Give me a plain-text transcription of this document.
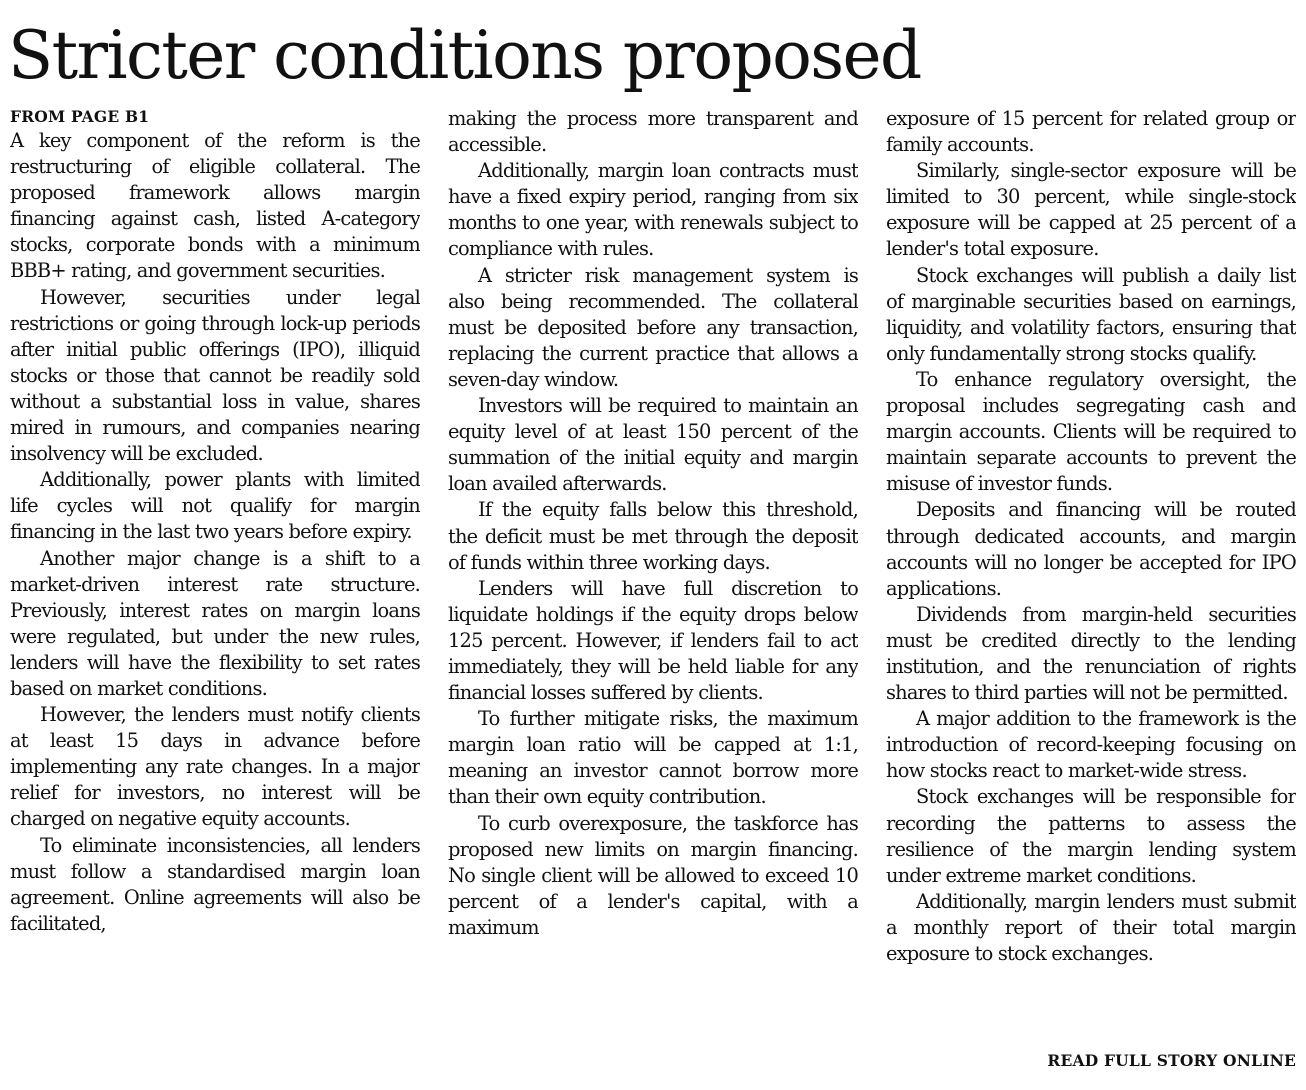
Stricter conditions proposed

FROM PAGE B1

A key component of the reform is the restructuring of eligible collateral. The proposed framework allows margin financing against cash, listed A-category stocks, corporate bonds with a minimum BBB+ rating, and government securities.

However, securities under legal restrictions or going through lock-up periods after initial public offerings (IPO), illiquid stocks or those that cannot be readily sold without a substantial loss in value, shares mired in rumours, and companies nearing insolvency will be excluded.

Additionally, power plants with limited life cycles will not qualify for margin financing in the last two years before expiry.

Another major change is a shift to a market-driven interest rate structure. Previously, interest rates on margin loans were regulated, but under the new rules, lenders will have the flexibility to set rates based on market conditions.

However, the lenders must notify clients at least 15 days in advance before implementing any rate changes. In a major relief for investors, no interest will be charged on negative equity accounts.

To eliminate inconsistencies, all lenders must follow a standardised margin loan agreement. Online agreements will also be facilitated,

making the process more transparent and accessible.

Additionally, margin loan contracts must have a fixed expiry period, ranging from six months to one year, with renewals subject to compliance with rules.

A stricter risk management system is also being recommended. The collateral must be deposited before any transaction, replacing the current practice that allows a seven-day window.

Investors will be required to maintain an equity level of at least 150 percent of the summation of the initial equity and margin loan availed afterwards.

If the equity falls below this threshold, the deficit must be met through the deposit of funds within three working days.

Lenders will have full discretion to liquidate holdings if the equity drops below 125 percent. However, if lenders fail to act immediately, they will be held liable for any financial losses suffered by clients.

To further mitigate risks, the maximum margin loan ratio will be capped at 1:1, meaning an investor cannot borrow more than their own equity contribution.

To curb overexposure, the taskforce has proposed new limits on margin financing. No single client will be allowed to exceed 10 percent of a lender's capital, with a maximum

exposure of 15 percent for related group or family accounts.

Similarly, single-sector exposure will be limited to 30 percent, while single-stock exposure will be capped at 25 percent of a lender's total exposure.

Stock exchanges will publish a daily list of marginable securities based on earnings, liquidity, and volatility factors, ensuring that only fundamentally strong stocks qualify.

To enhance regulatory oversight, the proposal includes segregating cash and margin accounts. Clients will be required to maintain separate accounts to prevent the misuse of investor funds.

Deposits and financing will be routed through dedicated accounts, and margin accounts will no longer be accepted for IPO applications.

Dividends from margin-held securities must be credited directly to the lending institution, and the renunciation of rights shares to third parties will not be permitted.

A major addition to the framework is the introduction of record-keeping focusing on how stocks react to market-wide stress.

Stock exchanges will be responsible for recording the patterns to assess the resilience of the margin lending system under extreme market conditions.

Additionally, margin lenders must submit a monthly report of their total margin exposure to stock exchanges.

READ FULL STORY ONLINE
